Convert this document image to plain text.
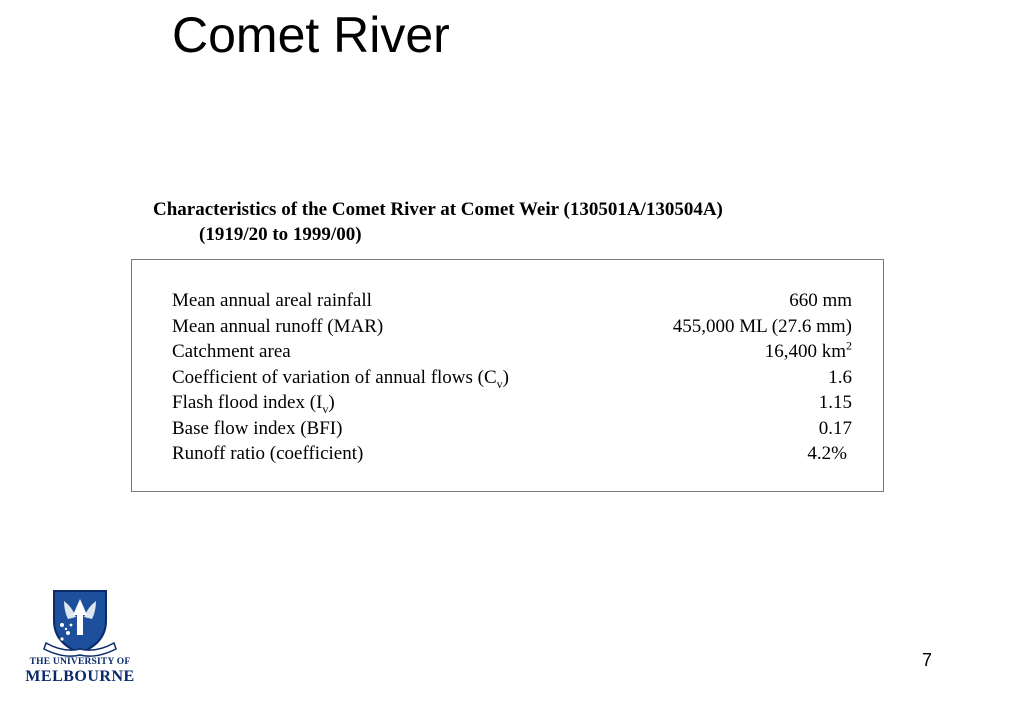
Comet River
Characteristics of the Comet River at Comet Weir (130501A/130504A)
(1919/20 to 1999/00)
Mean annual areal rainfall	660 mm
Mean annual runoff (MAR)	455,000 ML (27.6 mm)
Catchment area	16,400 $km^2$
Coefficient of variation of annual flows $(C_v)$	1.6
Flash flood index $(I_v)$	1.15
Base flow index (BFI)	0.17
Runoff ratio (coefficient)	4.2%
THE UNIVERSITY OF
MELBOURNE
7
